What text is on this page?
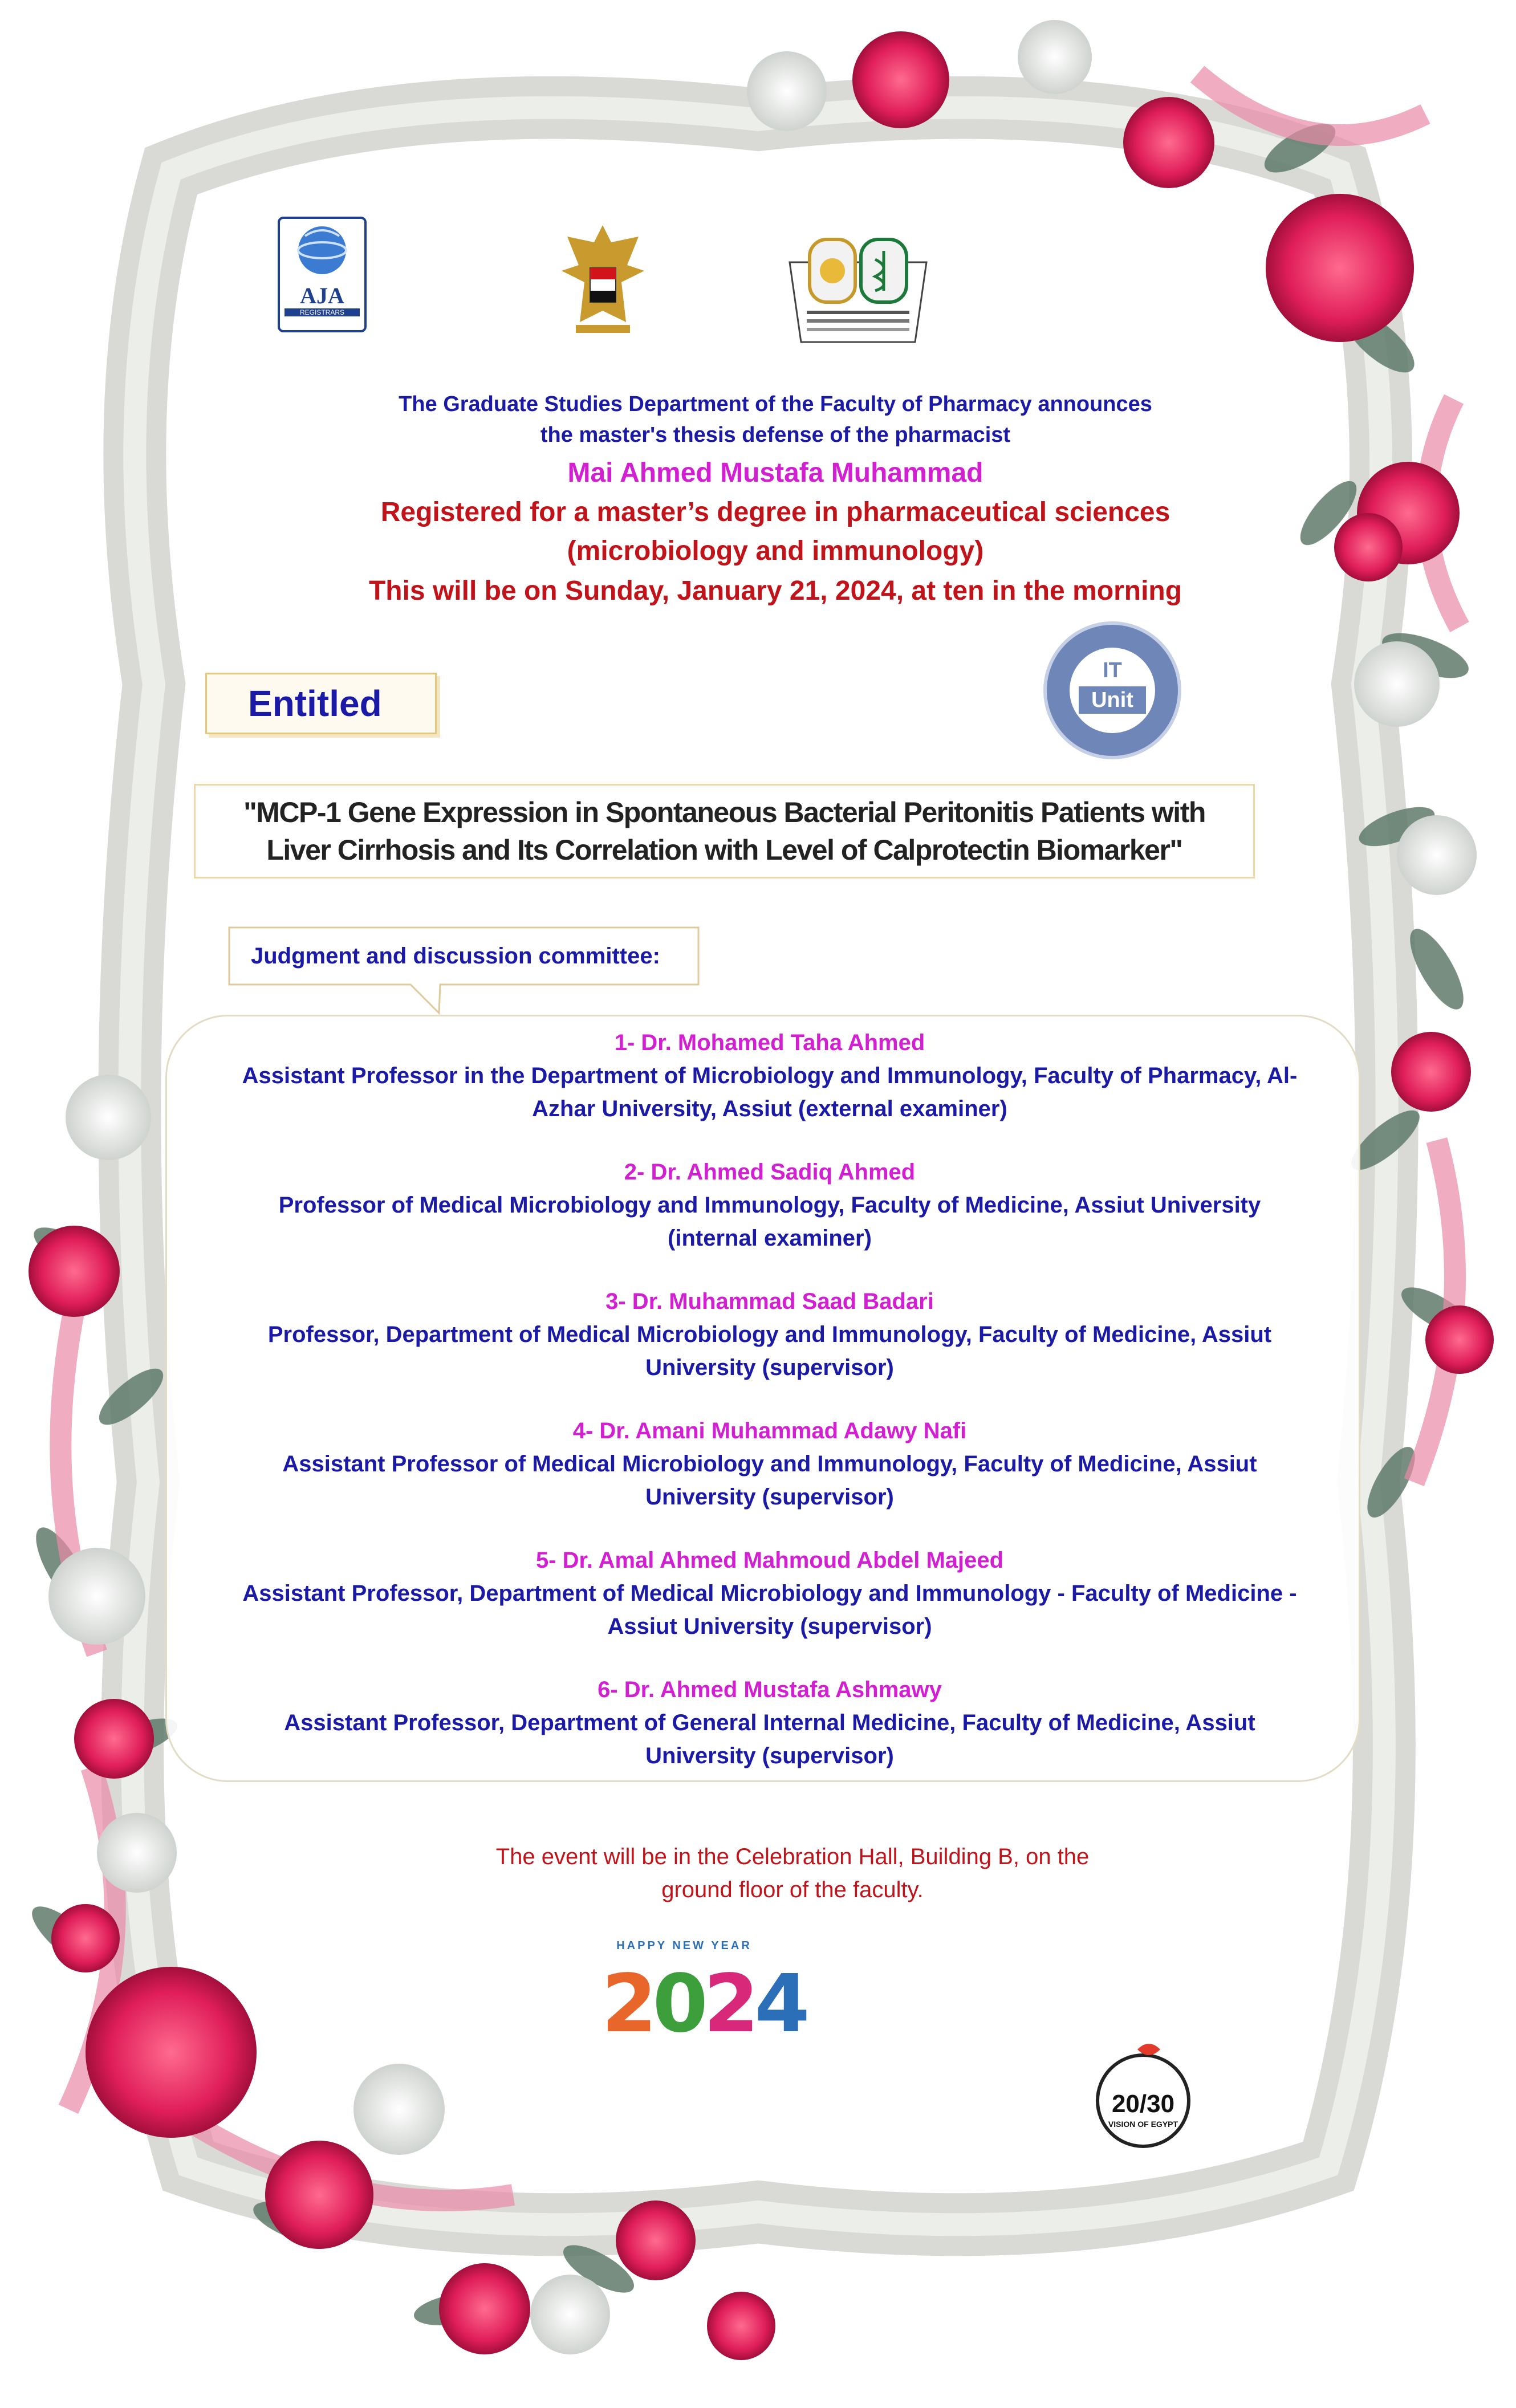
AJA
REGISTRARS
The Graduate Studies Department of the Faculty of Pharmacy announces
the master's thesis defense of the pharmacist
Mai Ahmed Mustafa Muhammad
Registered for a master’s degree in pharmaceutical sciences
(microbiology and immunology)
This will be on Sunday, January 21, 2024, at ten in the morning
Entitled
IT
Unit
"MCP-1 Gene Expression in Spontaneous Bacterial Peritonitis Patients with
Liver Cirrhosis and Its Correlation with Level of Calprotectin Biomarker"
Judgment and discussion committee:
1- Dr. Mohamed Taha Ahmed
Assistant Professor in the Department of Microbiology and Immunology, Faculty of Pharmacy, Al-
Azhar University, Assiut (external examiner)
2- Dr. Ahmed Sadiq Ahmed
Professor of Medical Microbiology and Immunology, Faculty of Medicine, Assiut University
(internal examiner)
3- Dr. Muhammad Saad Badari
Professor, Department of Medical Microbiology and Immunology, Faculty of Medicine, Assiut
University (supervisor)
4- Dr. Amani Muhammad Adawy Nafi
Assistant Professor of Medical Microbiology and Immunology, Faculty of Medicine, Assiut
University (supervisor)
5- Dr. Amal Ahmed Mahmoud Abdel Majeed
Assistant Professor, Department of Medical Microbiology and Immunology - Faculty of Medicine -
Assiut University (supervisor)
6- Dr. Ahmed Mustafa Ashmawy
Assistant Professor, Department of General Internal Medicine, Faculty of Medicine, Assiut
University (supervisor)
The event will be in the Celebration Hall, Building B, on the
ground floor of the faculty.
HAPPY NEW YEAR
2024
20/30
VISION OF EGYPT
